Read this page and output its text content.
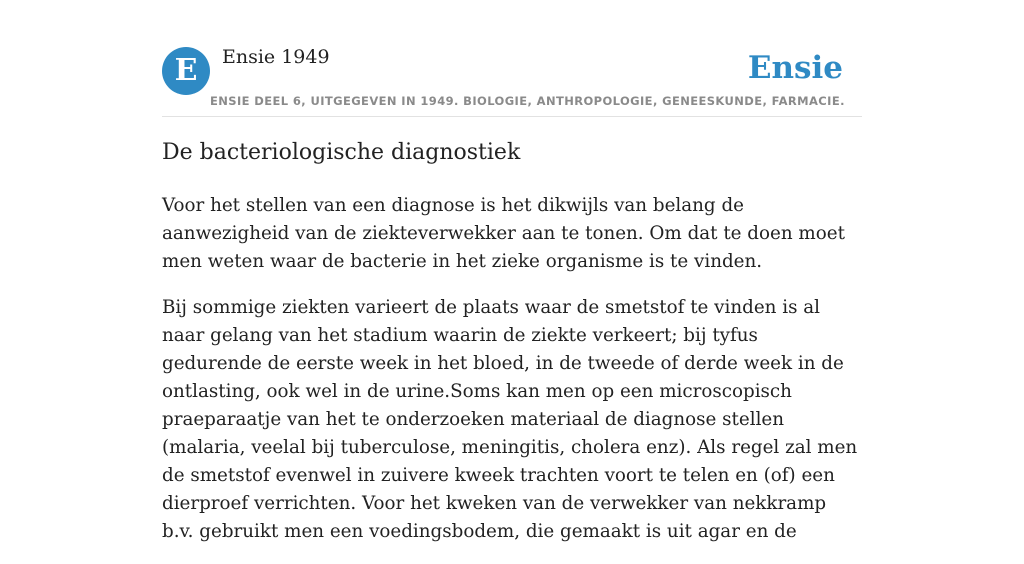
E	Ensie 1949	Ensie
ENSIE DEEL 6, UITGEGEVEN IN 1949. BIOLOGIE, ANTHROPOLOGIE, GENEESKUNDE, FARMACIE.
De bacteriologische diagnostiek

Voor het stellen van een diagnose is het dikwijls van belang de aanwezigheid van de ziekteverwekker aan te tonen. Om dat te doen moet men weten waar de bacterie in het zieke organisme is te vinden.

Bij sommige ziekten varieert de plaats waar de smetstof te vinden is al naar gelang van het stadium waarin de ziekte verkeert; bij tyfus gedurende de eerste week in het bloed, in de tweede of derde week in de ontlasting, ook wel in de urine.Soms kan men op een microscopisch praeparaatje van het te onderzoeken materiaal de diagnose stellen (malaria, veelal bij tuberculose, meningitis, cholera enz). Als regel zal men de smetstof evenwel in zuivere kweek trachten voort te telen en (of) een dierproef verrichten. Voor het kweken van de verwekker van nekkramp b.v. gebruikt men een voedingsbodem, die gemaakt is uit agar en de
